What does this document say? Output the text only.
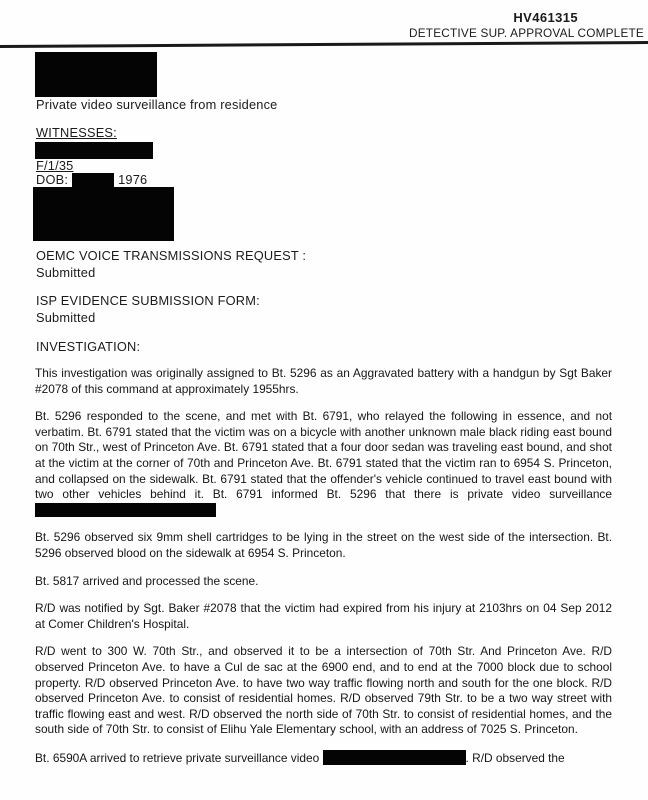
HV461315
DETECTIVE SUP. APPROVAL COMPLETE
Private video surveillance from residence
WITNESSES:
F/1/35
DOB:	1976
OEMC VOICE TRANSMISSIONS REQUEST :
Submitted
ISP EVIDENCE SUBMISSION FORM:
Submitted
INVESTIGATION:

This investigation was originally assigned to Bt. 5296 as an Aggravated battery with a handgun by Sgt Baker #2078 of this command at approximately 1955hrs.

Bt. 5296 responded to the scene, and met with Bt. 6791, who relayed the following in essence, and not verbatim. Bt. 6791 stated that the victim was on a bicycle with another unknown male black riding east bound on 70th Str., west of Princeton Ave. Bt. 6791 stated that a four door sedan was traveling east bound, and shot at the victim at the corner of 70th and Princeton Ave. Bt. 6791 stated that the victim ran to 6954 S. Princeton, and collapsed on the sidewalk. Bt. 6791 stated that the offender's vehicle continued to travel east bound with two other vehicles behind it. Bt. 6791 informed Bt. 5296 that there is private video surveillance

Bt. 5296 observed six 9mm shell cartridges to be lying in the street on the west side of the intersection. Bt. 5296 observed blood on the sidewalk at 6954 S. Princeton.

Bt. 5817 arrived and processed the scene.

R/D was notified by Sgt. Baker #2078 that the victim had expired from his injury at 2103hrs on 04 Sep 2012 at Comer Children's Hospital.

R/D went to 300 W. 70th Str., and observed it to be a intersection of 70th Str. And Princeton Ave. R/D observed Princeton Ave. to have a Cul de sac at the 6900 end, and to end at the 7000 block due to school property. R/D observed Princeton Ave. to have two way traffic flowing north and south for the one block. R/D observed Princeton Ave. to consist of residential homes. R/D observed 79th Str. to be a two way street with traffic flowing east and west. R/D observed the north side of 70th Str. to consist of residential homes, and the south side of 70th Str. to consist of Elihu Yale Elementary school, with an address of 7025 S. Princeton.

Bt. 6590A arrived to retrieve private surveillance video	. R/D observed the
